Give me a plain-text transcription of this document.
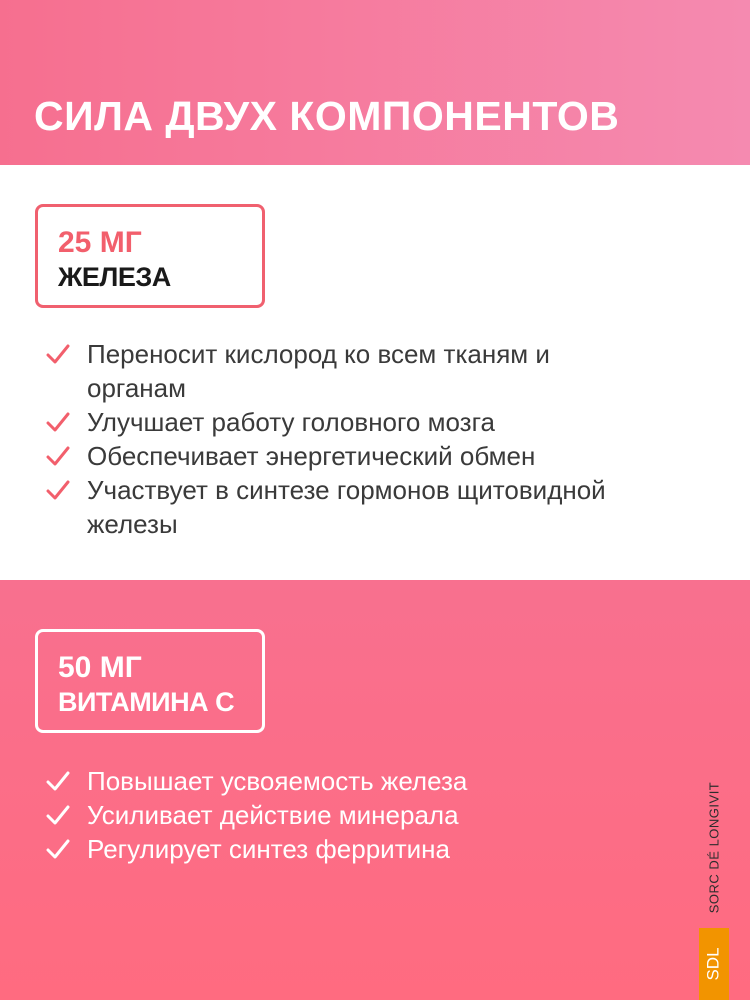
СИЛА ДВУХ КОМПОНЕНТОВ
25 МГ
ЖЕЛЕЗА
Переносит кислород ко всем тканям и органам
Улучшает работу головного мозга
Обеспечивает энергетический обмен
Участвует в синтезе гормонов щитовидной железы
50 МГ
ВИТАМИНА С
Повышает усвояемость железа
Усиливает действие минерала
Регулирует синтез ферритина	SORC DÉ LONGIVIT
SDL
